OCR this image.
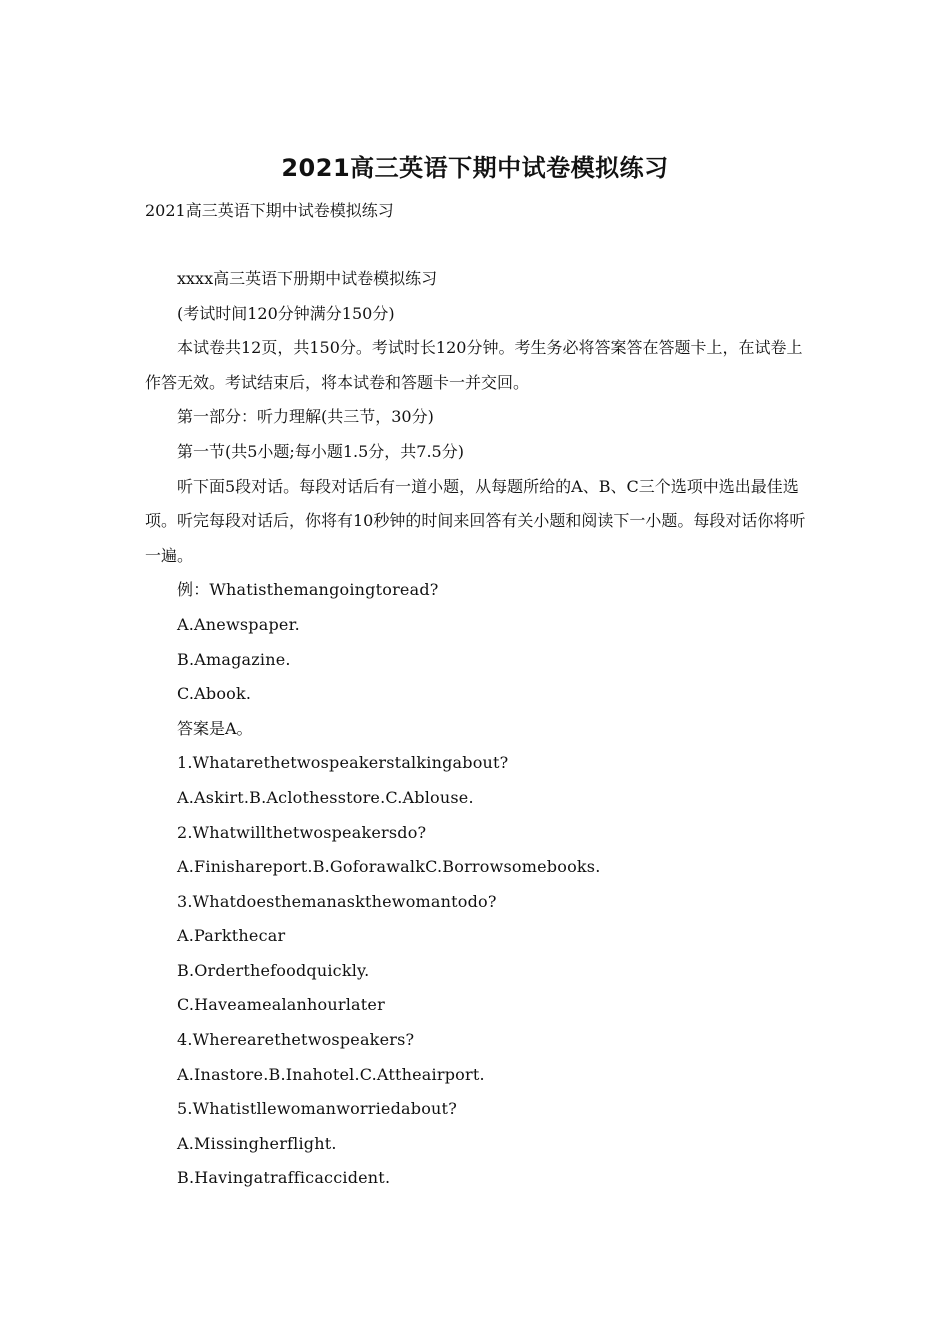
2021高三英语下期中试卷模拟练习
2021高三英语下期中试卷模拟练习

xxxx高三英语下册期中试卷模拟练习

(考试时间120分钟满分150分)

本试卷共12页，共150分。考试时长120分钟。考生务必将答案答在答题卡上，在试卷上作答无效。考试结束后，将本试卷和答题卡一并交回。

第一部分：听力理解(共三节，30分)

第一节(共5小题;每小题1.5分，共7.5分)

听下面5段对话。每段对话后有一道小题，从每题所给的A、B、C三个选项中选出最佳选项。听完每段对话后，你将有10秒钟的时间来回答有关小题和阅读下一小题。每段对话你将听一遍。

例：Whatisthemangoingtoread?

A.Anewspaper.

B.Amagazine.

C.Abook.

答案是A。

1.Whatarethetwospeakerstalkingabout?

A.Askirt.B.Aclothesstore.C.Ablouse.

2.Whatwillthetwospeakersdo?

A.Finishareport.B.GoforawalkC.Borrowsomebooks.

3.Whatdoesthemanaskthewomantodo?

A.Parkthecar

B.Orderthefoodquickly.

C.Haveamealanhourlater

4.Wherearethetwospeakers?

A.Inastore.B.Inahotel.C.Attheairport.

5.Whatistllewomanworriedabout?

A.Missingherflight.

B.Havingatrafficaccident.
